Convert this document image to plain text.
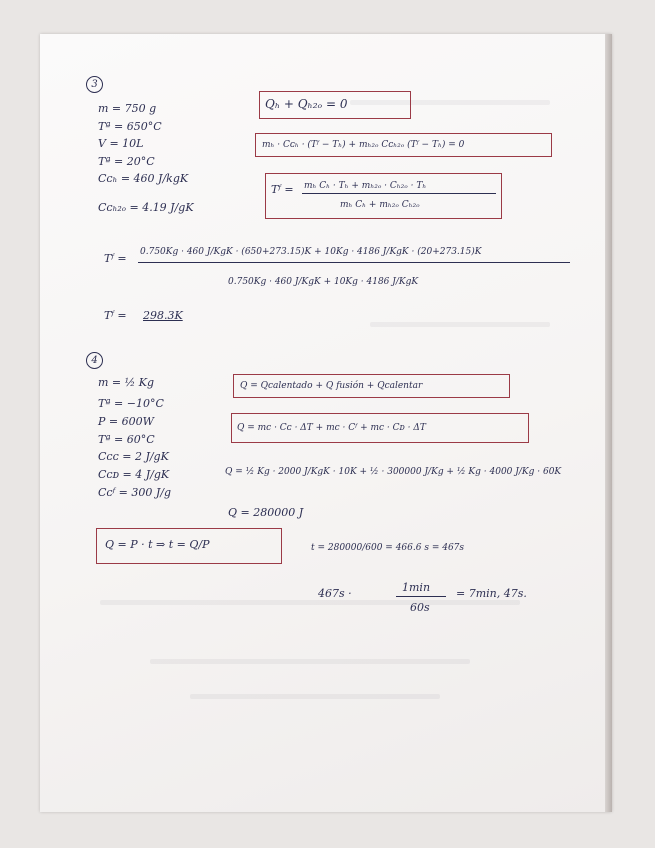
3
m = 750 g
Tª = 650°C
V = 10L
Tª = 20°C
Cᴄₕ = 460 J/kgK
Cᴄₕ₂ₒ = 4.19 J/gK
Qₕ + Qₕ₂ₒ = 0
mₕ · Cᴄₕ · (Tᶠ − Tₕ) + mₕ₂ₒ Cᴄₕ₂ₒ (Tᶠ − Tₕ) = 0
Tᶠ = mₕ Cₕ · Tₕ + mₕ₂ₒ · Cₕ₂ₒ · Tₕ
mₕ Cₕ + mₕ₂ₒ Cₕ₂ₒ
Tᶠ = 0.750Kg · 460 J/KgK · (650+273.15)K + 10Kg · 4186 J/KgK · (20+273.15)K
0.750Kg · 460 J/KgK + 10Kg · 4186 J/KgK
Tᶠ = 298.3K
4
m = ½ Kg
Tª = −10°C
P = 600W
Tª = 60°C
Cᴄᴄ = 2 J/gK
Cᴄᴅ = 4 J/gK
Cᴄᶠ = 300 J/g
Q = Qcalentado + Q fusión + Qcalentar
Q = mc · Cᴄ · ΔT + mc · Cᶠ + mc · Cᴅ · ΔT
Q = ½ Kg · 2000 J/KgK · 10K + ½ · 300000 J/Kg + ½ Kg · 4000 J/Kg · 60K
Q = 280000 J
Q = P · t ⇒ t = Q/P	t = 280000/600 = 466.6 s = 467s
467s ·	1min
60s
= 7min, 47s.
